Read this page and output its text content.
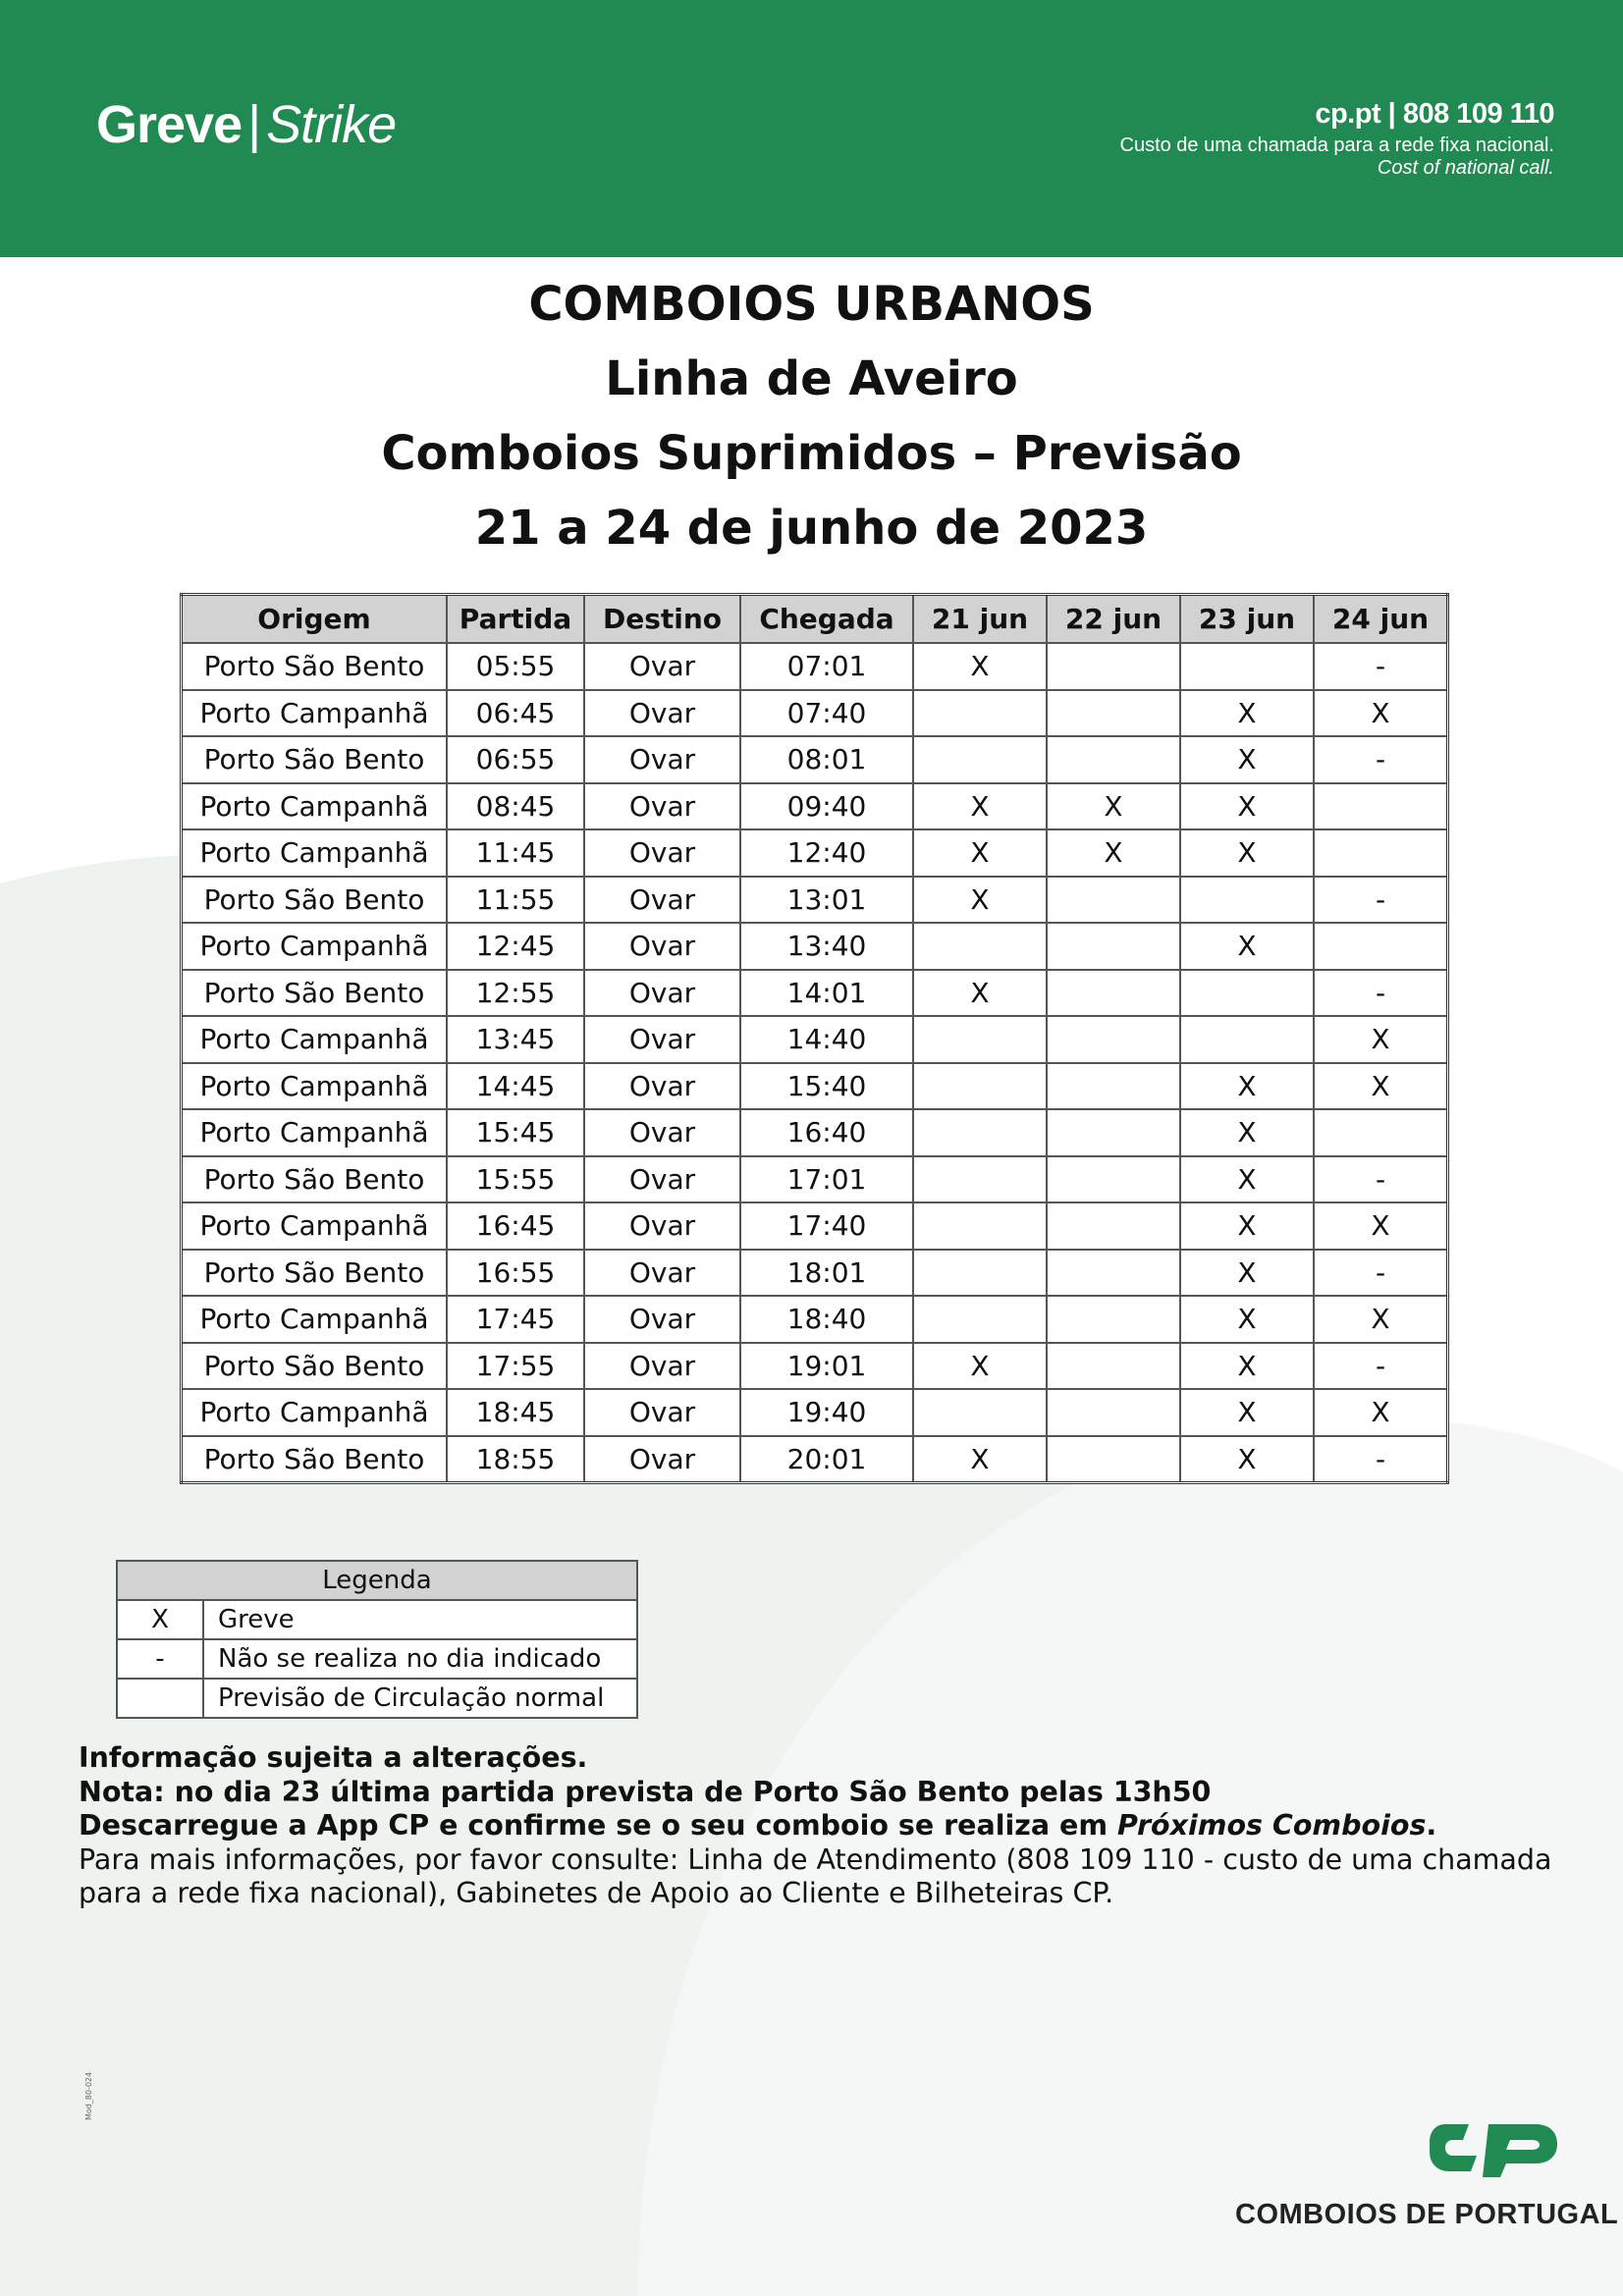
Greve | Strike	cp.pt | 808 109 110
Custo de uma chamada para a rede fixa nacional.
Cost of national call.
COMBOIOS URBANOS
Linha de Aveiro
Comboios Suprimidos – Previsão
21 a 24 de junho de 2023
Origem	Partida	Destino	Chegada	21 jun	22 jun	23 jun	24 jun
Porto São Bento	05:55	Ovar	07:01	X			-
Porto Campanhã	06:45	Ovar	07:40			X	X
Porto São Bento	06:55	Ovar	08:01			X	-
Porto Campanhã	08:45	Ovar	09:40	X	X	X	
Porto Campanhã	11:45	Ovar	12:40	X	X	X	
Porto São Bento	11:55	Ovar	13:01	X			-
Porto Campanhã	12:45	Ovar	13:40			X	
Porto São Bento	12:55	Ovar	14:01	X			-
Porto Campanhã	13:45	Ovar	14:40				X
Porto Campanhã	14:45	Ovar	15:40			X	X
Porto Campanhã	15:45	Ovar	16:40			X	
Porto São Bento	15:55	Ovar	17:01			X	-
Porto Campanhã	16:45	Ovar	17:40			X	X
Porto São Bento	16:55	Ovar	18:01			X	-
Porto Campanhã	17:45	Ovar	18:40			X	X
Porto São Bento	17:55	Ovar	19:01	X		X	-
Porto Campanhã	18:45	Ovar	19:40			X	X
Porto São Bento	18:55	Ovar	20:01	X		X	-
Legenda	
X	Greve
-	Não se realiza no dia indicado
	Previsão de Circulação normal
Informação sujeita a alterações.
Nota: no dia 23 última partida prevista de Porto São Bento pelas 13h50
Descarregue a App CP e confirme se o seu comboio se realiza em Próximos Comboios.
Para mais informações, por favor consulte: Linha de Atendimento (808 109 110 - custo de uma chamada para a rede fixa nacional), Gabinetes de Apoio ao Cliente e Bilheteiras CP.
Mod_80-024
COMBOIOS DE PORTUGAL
